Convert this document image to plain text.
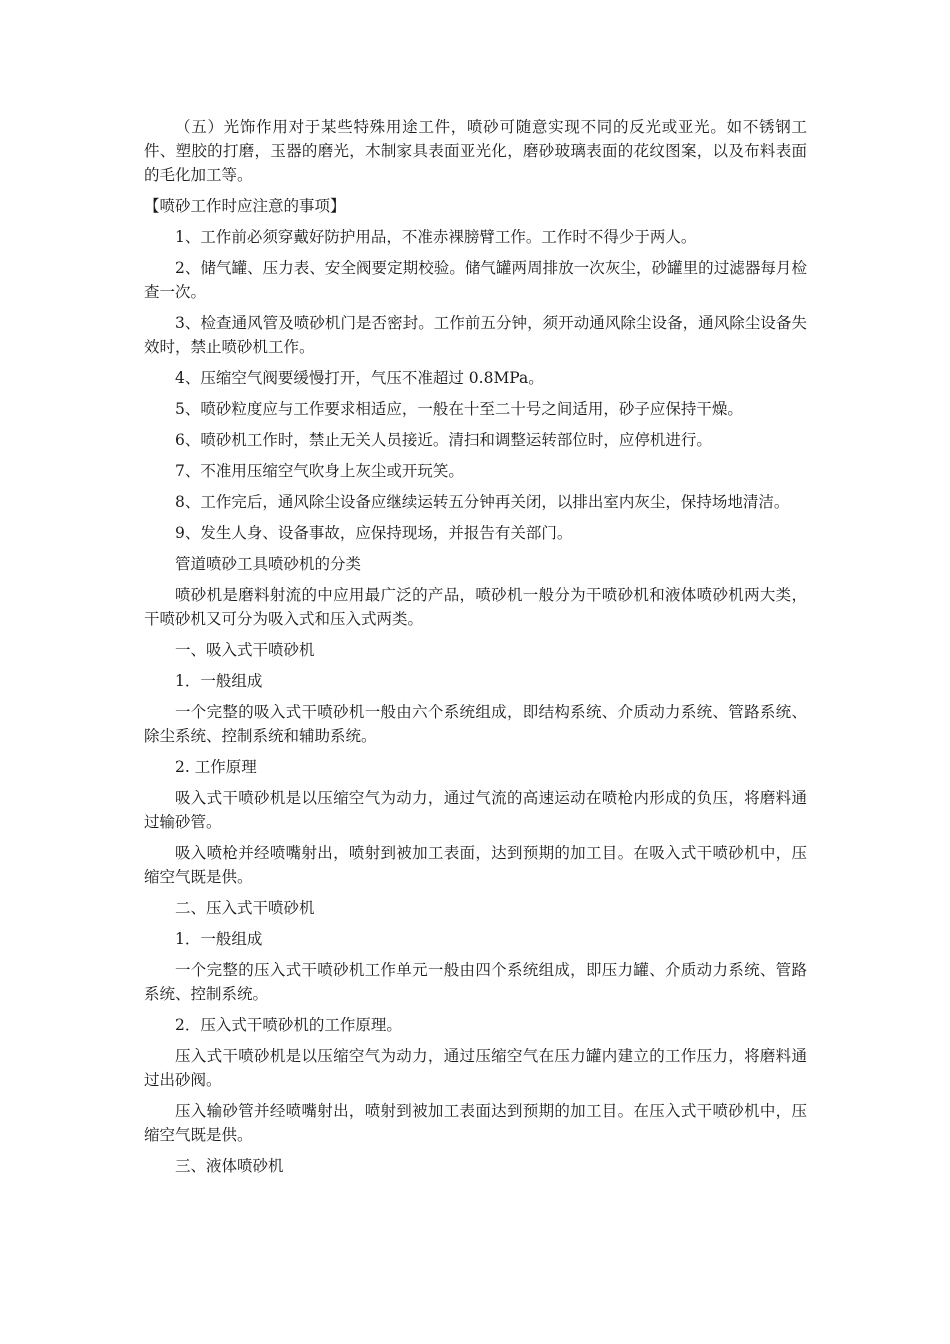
（五）光饰作用对于某些特殊用途工件，喷砂可随意实现不同的反光或亚光。如不锈钢工件、塑胶的打磨，玉器的磨光，木制家具表面亚光化，磨砂玻璃表面的花纹图案，以及布料表面的毛化加工等。

【喷砂工作时应注意的事项】

1、工作前必须穿戴好防护用品，不准赤裸膀臂工作。工作时不得少于两人。

2、储气罐、压力表、安全阀要定期校验。储气罐两周排放一次灰尘，砂罐里的过滤器每月检查一次。

3、检查通风管及喷砂机门是否密封。工作前五分钟，须开动通风除尘设备，通风除尘设备失效时，禁止喷砂机工作。

4、压缩空气阀要缓慢打开，气压不准超过 0.8MPa。

5、喷砂粒度应与工作要求相适应，一般在十至二十号之间适用，砂子应保持干燥。

6、喷砂机工作时，禁止无关人员接近。清扫和调整运转部位时，应停机进行。

7、不准用压缩空气吹身上灰尘或开玩笑。

8、工作完后，通风除尘设备应继续运转五分钟再关闭，以排出室内灰尘，保持场地清洁。

9、发生人身、设备事故，应保持现场，并报告有关部门。

管道喷砂工具喷砂机的分类

喷砂机是磨料射流的中应用最广泛的产品，喷砂机一般分为干喷砂机和液体喷砂机两大类，干喷砂机又可分为吸入式和压入式两类。

一、吸入式干喷砂机

1．一般组成

一个完整的吸入式干喷砂机一般由六个系统组成，即结构系统、介质动力系统、管路系统、除尘系统、控制系统和辅助系统。

2. 工作原理

吸入式干喷砂机是以压缩空气为动力，通过气流的高速运动在喷枪内形成的负压，将磨料通过输砂管。

吸入喷枪并经喷嘴射出，喷射到被加工表面，达到预期的加工目。在吸入式干喷砂机中，压缩空气既是供。

二、压入式干喷砂机

1．一般组成

一个完整的压入式干喷砂机工作单元一般由四个系统组成，即压力罐、介质动力系统、管路系统、控制系统。

2．压入式干喷砂机的工作原理。

压入式干喷砂机是以压缩空气为动力，通过压缩空气在压力罐内建立的工作压力，将磨料通过出砂阀。

压入输砂管并经喷嘴射出，喷射到被加工表面达到预期的加工目。在压入式干喷砂机中，压缩空气既是供。

三、液体喷砂机
